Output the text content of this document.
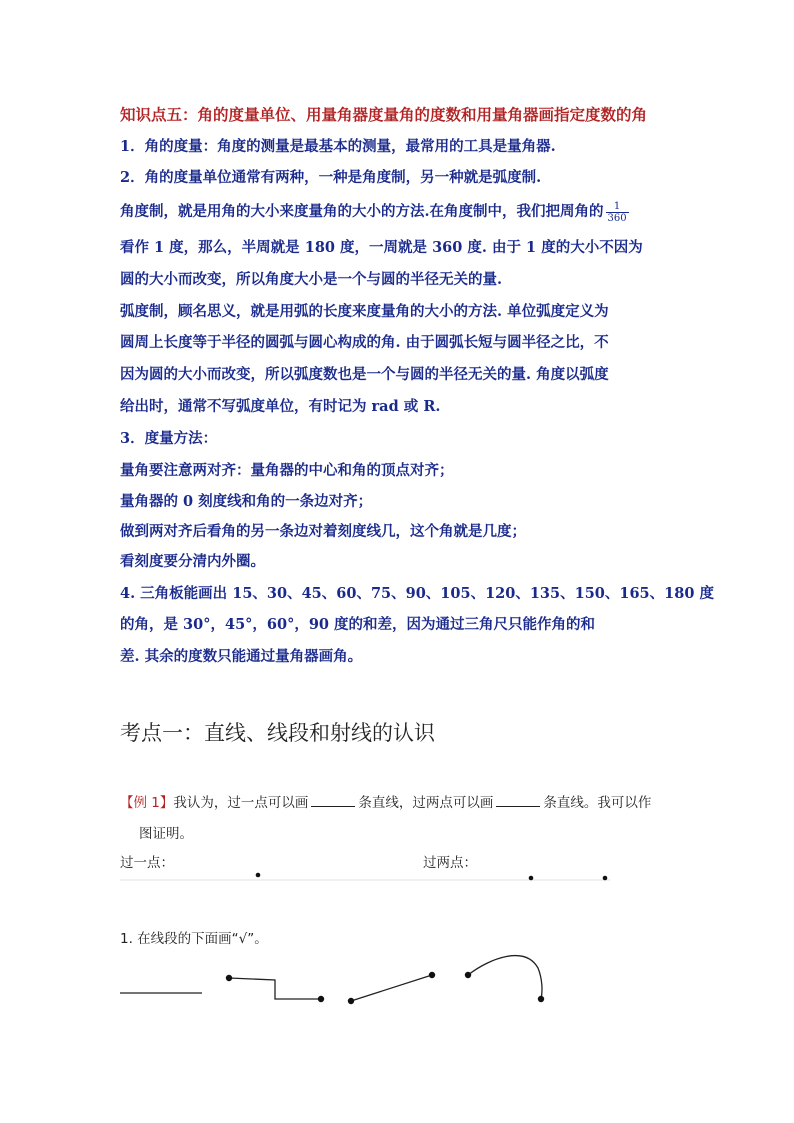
知识点五：角的度量单位、用量角器度量角的度数和用量角器画指定度数的角
1．角的度量：角度的测量是最基本的测量，最常用的工具是量角器.
2．角的度量单位通常有两种，一种是角度制，另一种就是弧度制.
角度制，就是用角的大小来度量角的大小的方法.在角度制中，我们把周角的 $\frac{1}{360}$
看作 1 度，那么，半周就是 180 度，一周就是 360 度. 由于 1 度的大小不因为
圆的大小而改变，所以角度大小是一个与圆的半径无关的量.
弧度制，顾名思义，就是用弧的长度来度量角的大小的方法. 单位弧度定义为
圆周上长度等于半径的圆弧与圆心构成的角. 由于圆弧长短与圆半径之比，不
因为圆的大小而改变，所以弧度数也是一个与圆的半径无关的量. 角度以弧度
给出时，通常不写弧度单位，有时记为 rad 或 R.
3．度量方法：
量角要注意两对齐：量角器的中心和角的顶点对齐；
量角器的 0 刻度线和角的一条边对齐；
做到两对齐后看角的另一条边对着刻度线几，这个角就是几度；
看刻度要分清内外圈。
4. 三角板能画出 15、30、45、60、75、90、105、120、135、150、165、180 度
的角，是 30°，45°，60°，90 度的和差，因为通过三角尺只能作角的和
差. 其余的度数只能通过量角器画角。
考点一：直线、线段和射线的认识
【例 1】我认为，过一点可以画	条直线，过两点可以画	条直线。我可以作
图证明。
过一点：	过两点：
1. 在线段的下面画“√”。
